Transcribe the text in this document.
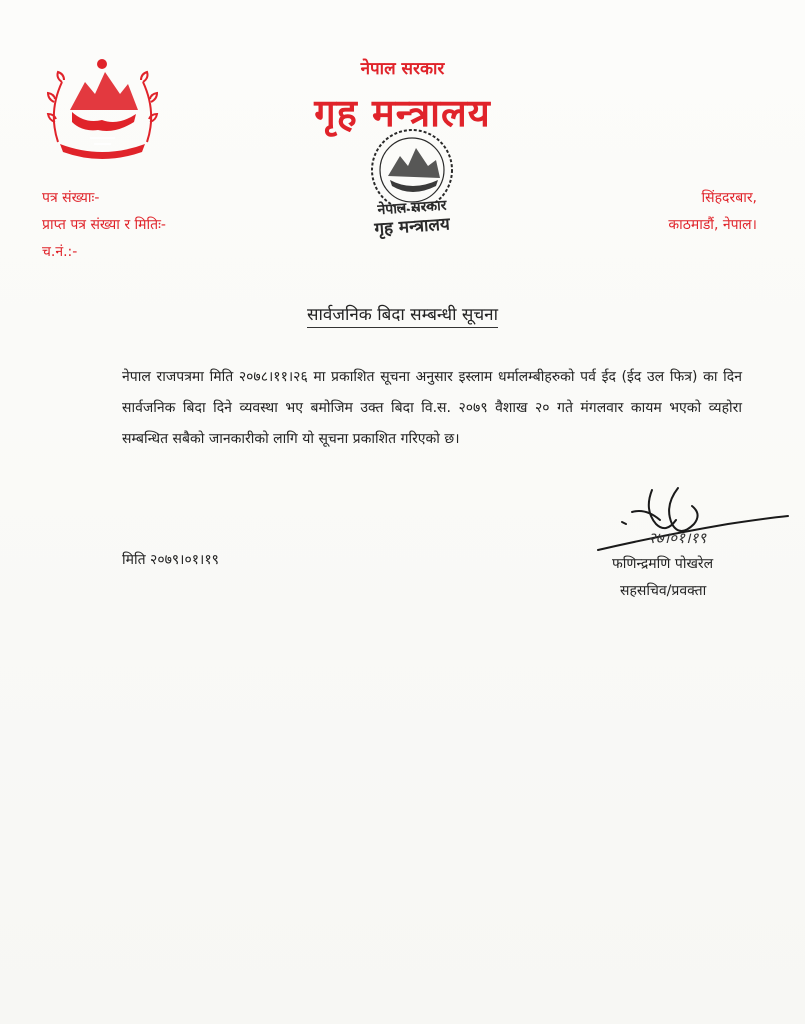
नेपाल सरकार
गृह मन्त्रालय
नेपाल सरकार
गृह मन्त्रालय
पत्र संख्याः-
प्राप्त पत्र संख्या र मितिः-
च.नं.:-
सिंहदरबार,
काठमाडौं, नेपाल।
सार्वजनिक बिदा सम्बन्धी सूचना
नेपाल राजपत्रमा मिति २०७८।११।२६ मा प्रकाशित सूचना अनुसार इस्लाम धर्मालम्बीहरुको पर्व ईद (ईद उल फित्र) का दिन सार्वजनिक बिदा दिने व्यवस्था भए बमोजिम उक्त बिदा वि.स. २०७९ वैशाख २० गते मंगलवार कायम भएको व्यहोरा सम्बन्धित सबैको जानकारीको लागि यो सूचना प्रकाशित गरिएको छ।
मिति २०७९।०१।१९
२७।०१।१९
फणिन्द्रमणि पोखरेल
सहसचिव/प्रवक्ता
